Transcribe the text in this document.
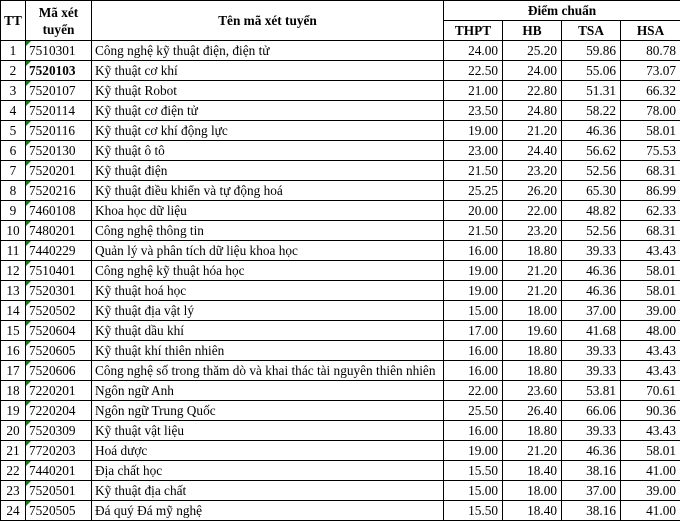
TT	Mã xét tuyển	Tên mã xét tuyển	Điểm chuẩn			
			THPT	HB	TSA	HSA
1	7510301	Công nghệ kỹ thuật điện, điện tử	24.00	25.20	59.86	80.78
2	7520103	Kỹ thuật cơ khí	22.50	24.00	55.06	73.07
3	7520107	Kỹ thuật Robot	21.00	22.80	51.31	66.32
4	7520114	Kỹ thuật cơ điện tử	23.50	24.80	58.22	78.00
5	7520116	Kỹ thuật cơ khí động lực	19.00	21.20	46.36	58.01
6	7520130	Kỹ thuật ô tô	23.00	24.40	56.62	75.53
7	7520201	Kỹ thuật điện	21.50	23.20	52.56	68.31
8	7520216	Kỹ thuật điều khiển và tự động hoá	25.25	26.20	65.30	86.99
9	7460108	Khoa học dữ liệu	20.00	22.00	48.82	62.33
10	7480201	Công nghệ thông tin	21.50	23.20	52.56	68.31
11	7440229	Quản lý và phân tích dữ liệu khoa học	16.00	18.80	39.33	43.43
12	7510401	Công nghệ kỹ thuật hóa học	19.00	21.20	46.36	58.01
13	7520301	Kỹ thuật hoá học	19.00	21.20	46.36	58.01
14	7520502	Kỹ thuật địa vật lý	15.00	18.00	37.00	39.00
15	7520604	Kỹ thuật dầu khí	17.00	19.60	41.68	48.00
16	7520605	Kỹ thuật khí thiên nhiên	16.00	18.80	39.33	43.43
17	7520606	Công nghệ số trong thăm dò và khai thác tài nguyên thiên nhiên	16.00	18.80	39.33	43.43
18	7220201	Ngôn ngữ Anh	22.00	23.60	53.81	70.61
19	7220204	Ngôn ngữ Trung Quốc	25.50	26.40	66.06	90.36
20	7520309	Kỹ thuật vật liệu	16.00	18.80	39.33	43.43
21	7720203	Hoá dược	19.00	21.20	46.36	58.01
22	7440201	Địa chất học	15.50	18.40	38.16	41.00
23	7520501	Kỹ thuật địa chất	15.00	18.00	37.00	39.00
24	7520505	Đá quý Đá mỹ nghệ	15.50	18.40	38.16	41.00
